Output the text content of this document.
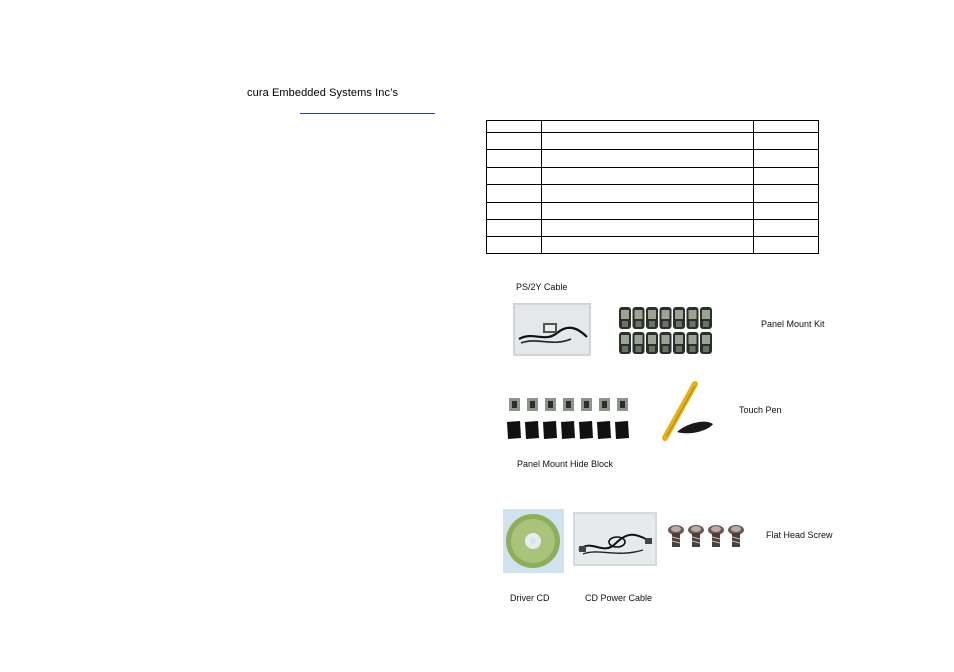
cura Embedded Systems Inc’s

PS/2Y Cable
Panel Mount Kit
Panel Mount Hide Block
Touch Pen
Driver CD	CD Power Cable
Flat Head Screw
